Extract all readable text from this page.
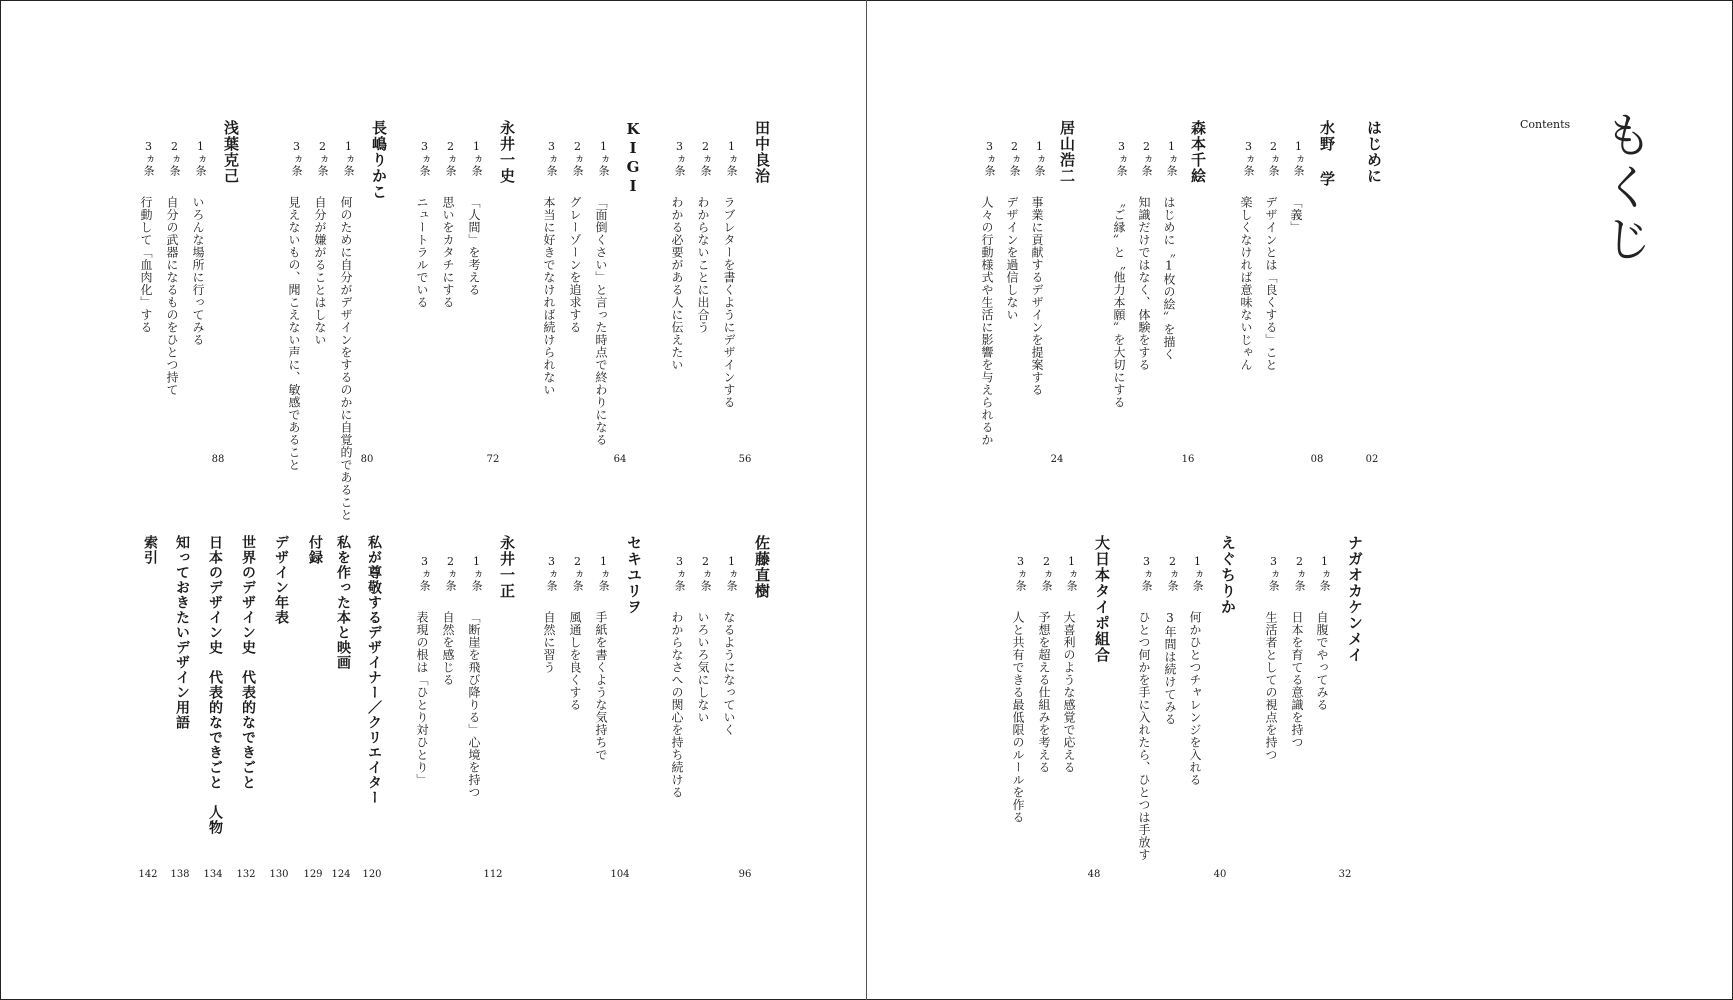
もくじ
Contents
はじめに
02
水野 学
1ヵ条
「義」
2ヵ条
デザインとは「良くする」こと
3ヵ条
楽しくなければ意味ないじゃん
08
森本千絵
1ヵ条
はじめに〝1枚の絵〟を描く
2ヵ条
知識だけではなく、体験をする
3ヵ条
〝ご縁〟と〝他力本願〟を大切にする
16
居山浩二
1ヵ条
事業に貢献するデザインを提案する
2ヵ条
デザインを過信しない
3ヵ条
人々の行動様式や生活に影響を与えられるか
24
田中良治
1ヵ条
ラブレターを書くようにデザインする
2ヵ条
わからないことに出合う
3ヵ条
わかる必要がある人に伝えたい
56
KIGI
1ヵ条
「面倒くさい」と言った時点で終わりになる
2ヵ条
グレーゾーンを追求する
3ヵ条
本当に好きでなければ続けられない
64
永井一史
1ヵ条
「人間」を考える
2ヵ条
思いをカタチにする
3ヵ条
ニュートラルでいる
72
長嶋りかこ
1ヵ条
何のために自分がデザインをするのかに自覚的であること
2ヵ条
自分が嫌がることはしない
3ヵ条
見えないもの、聞こえない声に、敏感であること	80
浅葉克己
1ヵ条
いろんな場所に行ってみる
2ヵ条
自分の武器になるものをひとつ持て
3ヵ条
行動して「血肉化」する
88
ナガオカケンメイ
1ヵ条
自腹でやってみる
2ヵ条
日本を育てる意識を持つ
3ヵ条
生活者としての視点を持つ
32
えぐちりか
1ヵ条
何かひとつチャレンジを入れる
2ヵ条
3年間は続けてみる
3ヵ条
ひとつ何かを手に入れたら、ひとつは手放す
40
大日本タイポ組合
1ヵ条
大喜利のような感覚で応える
2ヵ条
予想を超える仕組みを考える
3ヵ条
人と共有できる最低限のルールを作る
48
佐藤直樹
1ヵ条
なるようになっていく
2ヵ条
いろいろ気にしない
3ヵ条
わからなさへの関心を持ち続ける
96
セキユリヲ
1ヵ条
手紙を書くような気持ちで
2ヵ条
風通しを良くする
3ヵ条
自然に習う
104
永井一正
1ヵ条
「断崖を飛び降りる」心境を持つ
2ヵ条
自然を感じる
3ヵ条
表現の根は「ひとり対ひとり」
112
私が尊敬するデザイナー／クリエイター
120
私を作った本と映画
124
付録
129
デザイン年表
130
世界のデザイン史　代表的なできごと
132
日本のデザイン史　代表的なできごと　人物
134
知っておきたいデザイン用語
138
索引
142
